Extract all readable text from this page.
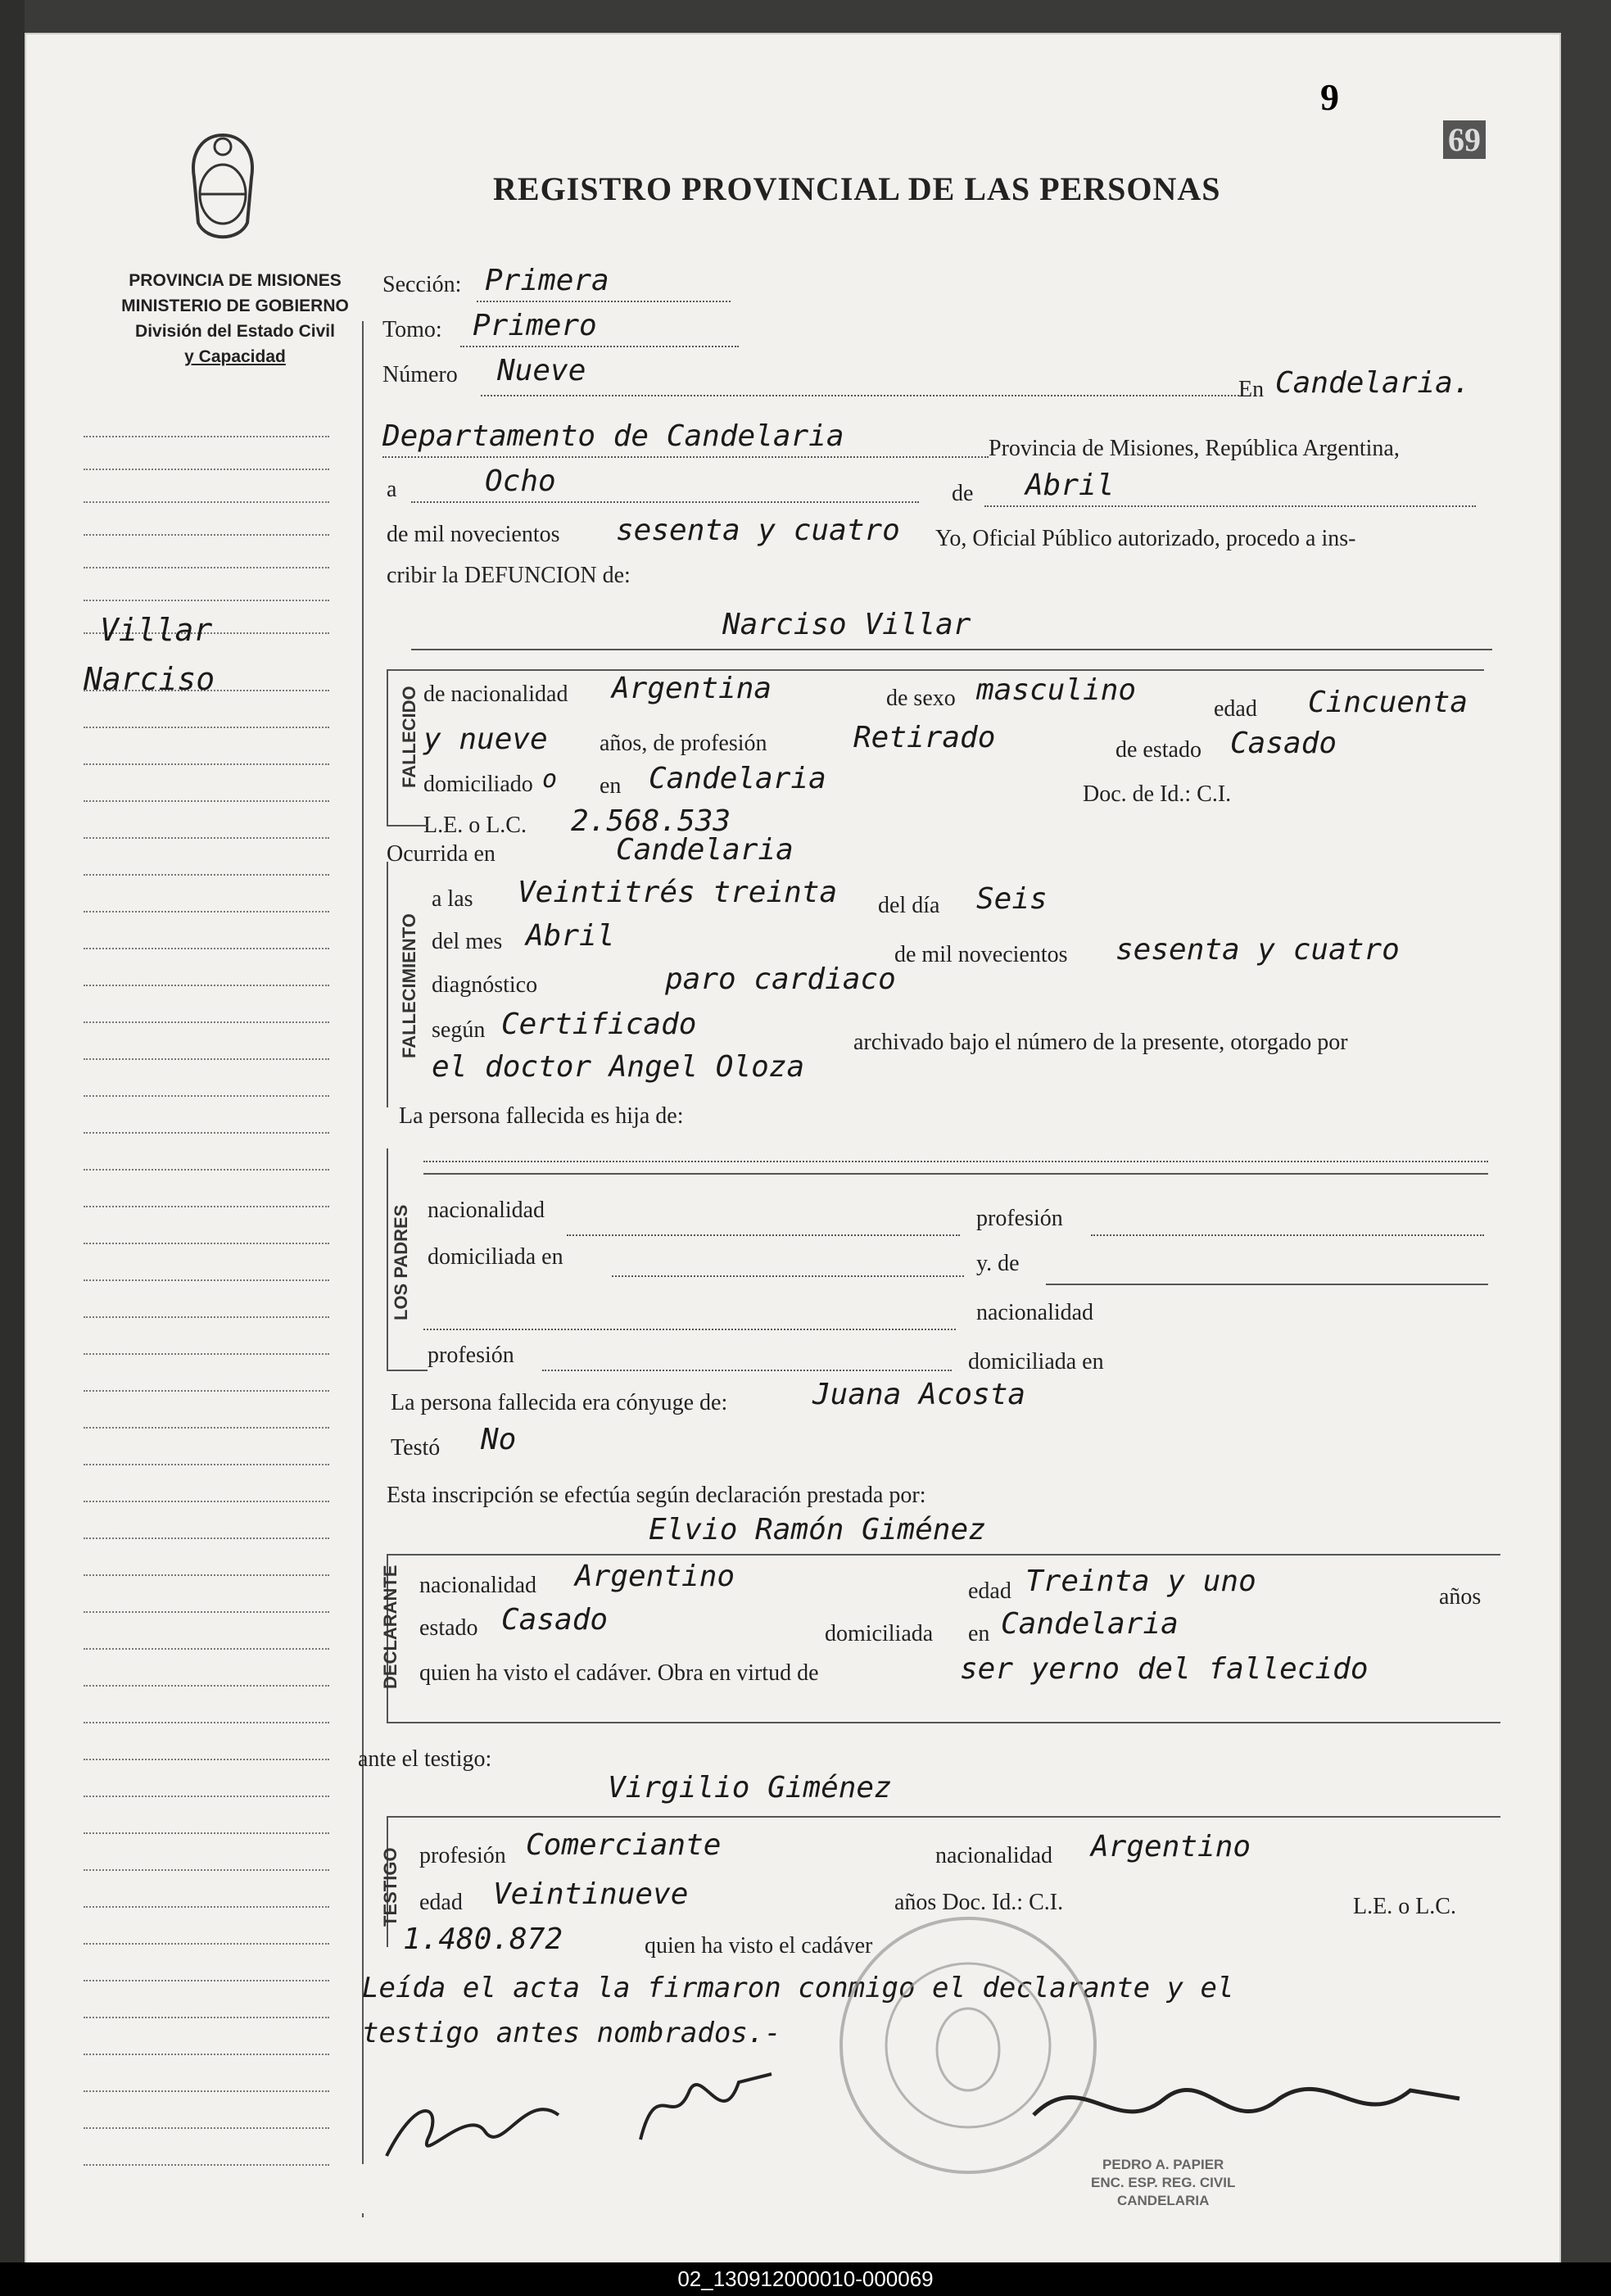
9
69
REGISTRO PROVINCIAL DE LAS PERSONAS
PROVINCIA DE MISIONES
MINISTERIO DE GOBIERNO
División del Estado Civil
y Capacidad
Villar
Narciso
Sección: Primera
Tomo: Primero
Número Nueve
En Candelaria.
Departamento de Candelaria	Provincia de Misiones, República Argentina,
a	Ocho	de Abril
de mil novecientos sesenta y cuatro Yo, Oficial Público autorizado, procedo a ins-
cribir la DEFUNCION de:
Narciso Villar
FALLECIDO de nacionalidad Argentina	de sexo masculino
edad Cincuenta
y nueve años, de profesión	Retirado	de estado Casado
domiciliado o en Candelaria	Doc. de Id.: C.I.
L.E. o L.C. 2.568.533
Ocurrida en	Candelaria
FALLECIMIENTO
a las Veintitrés treinta del día Seis
del mes Abril
de mil novecientos sesenta y cuatro
diagnóstico	paro cardiaco
según Certificado
archivado bajo el número de la presente, otorgado por
el doctor Angel Oloza
La persona fallecida es hija de:
LOS PADRES nacionalidad	profesión
domiciliada en	y. de
nacionalidad
profesión	domiciliada en
La persona fallecida era cónyuge de:	Juana Acosta
Testó No
Esta inscripción se efectúa según declaración prestada por:
Elvio Ramón Giménez
DECLARANTE nacionalidad Argentino	edad Treinta y uno	años
estado Casado	domiciliada en Candelaria
quien ha visto el cadáver. Obra en virtud de	ser yerno del fallecido
ante el testigo:
Virgilio Giménez
TESTIGO profesión Comerciante	nacionalidad Argentino
edad Veintinueve	años Doc. Id.: C.I.	L.E. o L.C.
1.480.872	quien ha visto el cadáver
Leída el acta la firmaron conmigo el declarante y el
testigo antes nombrados.-
PEDRO A. PAPIER
ENC. ESP. REG. CIVIL
CANDELARIA
02_130912000010-000069
